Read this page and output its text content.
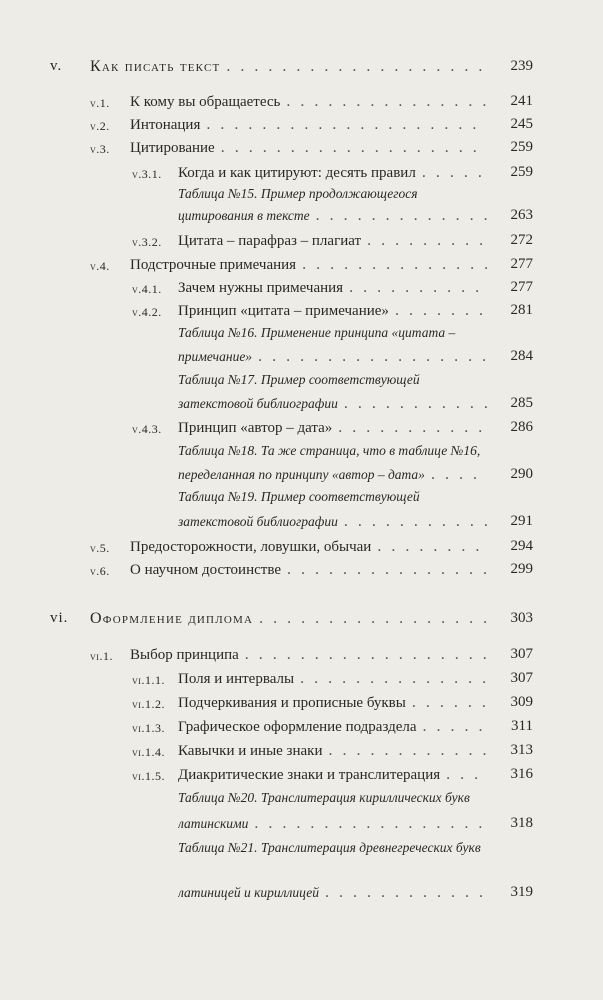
v. Как писать текст . . .	239
v.1. К кому вы обращаетесь . . .	241
v.2. Интонация . . .	245
v.3. Цитирование . . .	259
v.3.1. Когда и как цитируют: десять правил . . .	259
Таблица №15. Пример продолжающегося
цитирования в тексте . . .	263
v.3.2. Цитата – парафраз – плагиат . . .	272
v.4. Подстрочные примечания . . .	277
v.4.1. Зачем нужны примечания . . .	277
v.4.2. Принцип «цитата – примечание» . . .	281
Таблица №16. Применение принципа «цитата –
примечание» . . .	284
Таблица №17. Пример соответствующей
затекстовой библиографии . . .	285
v.4.3. Принцип «автор – дата» . . .	286
Таблица №18. Та же страница, что в таблице №16,
переделанная по принципу «автор – дата» . . .	290
Таблица №19. Пример соответствующей
затекстовой библиографии . . .	291
v.5. Предосторожности, ловушки, обычаи . . .	294
v.6. О научном достоинстве . . .	299
vi. Оформление диплома . . .	303
vi.1. Выбор принципа . . .	307
vi.1.1. Поля и интервалы . . .	307
vi.1.2. Подчеркивания и прописные буквы . . .	309
vi.1.3. Графическое оформление подраздела . . .	311
vi.1.4. Кавычки и иные знаки . . .	313
vi.1.5. Диакритические знаки и транслитерация . . .	316
Таблица №20. Транслитерация кириллических букв
латинскими . . .	318
Таблица №21. Транслитерация древнегреческих букв
латиницей и кириллицей . . .	319
